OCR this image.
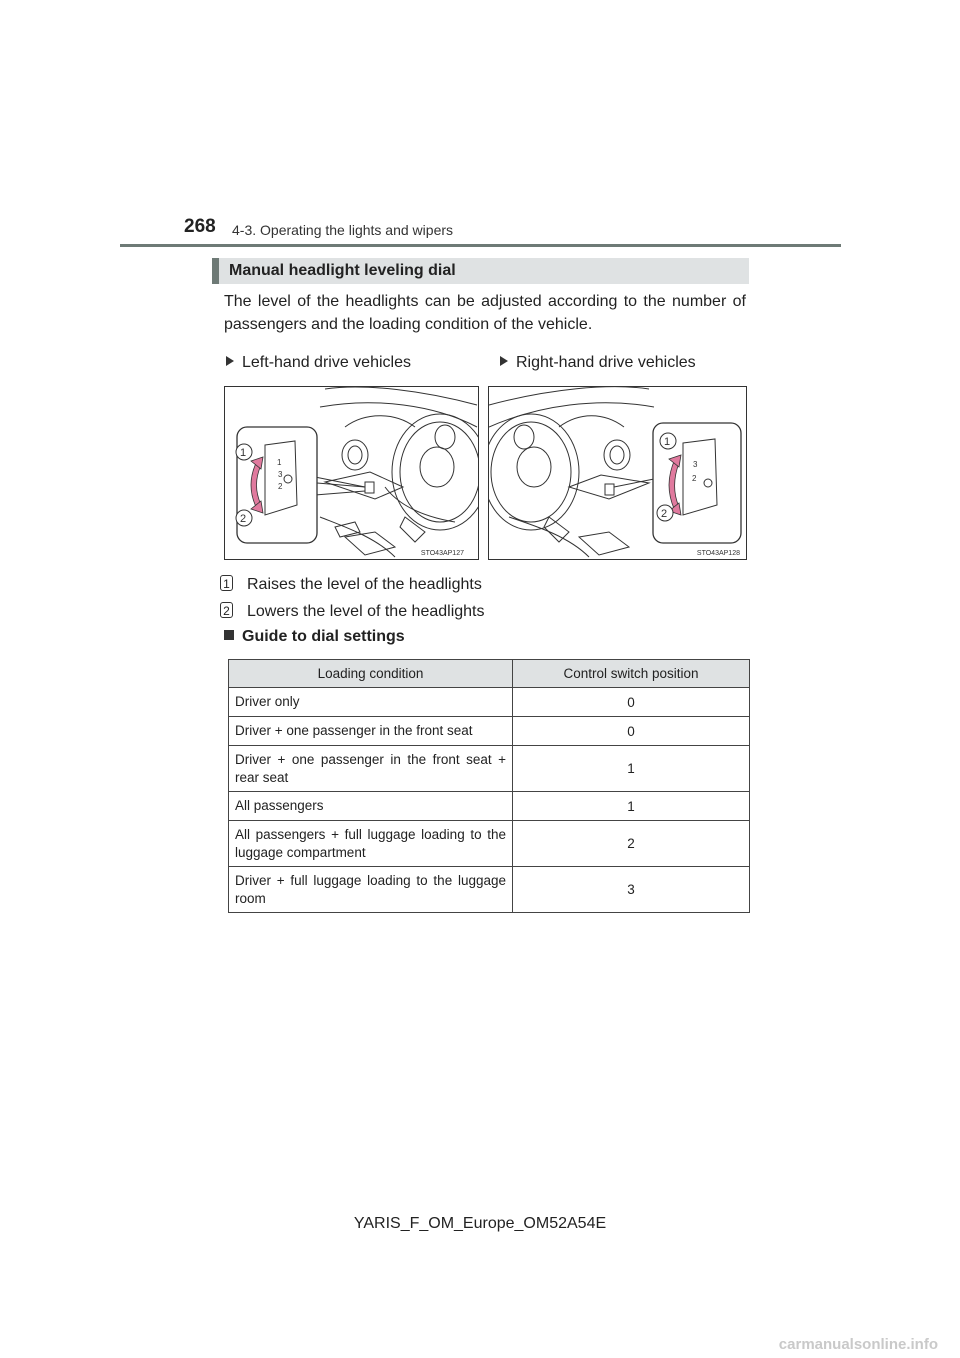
268 4-3. Operating the lights and wipers
Manual headlight leveling dial
The level of the headlights can be adjusted according to the number of passengers and the loading condition of the vehicle.
Left-hand drive vehicles	Right-hand drive vehicles
1
3
2
1
2
STO43AP127
3
2
1
2
STO43AP128
1 Raises the level of the headlights
2 Lowers the level of the headlights
Guide to dial settings
Loading condition	Control switch position
Driver only	0
Driver + one passenger in the front seat	0
Driver + one passenger in the front seat + rear seat	1
All passengers	1
All passengers + full luggage loading to the luggage compartment	2
Driver + full luggage loading to the luggage room	3
YARIS_F_OM_Europe_OM52A54E
carmanualsonline.info
